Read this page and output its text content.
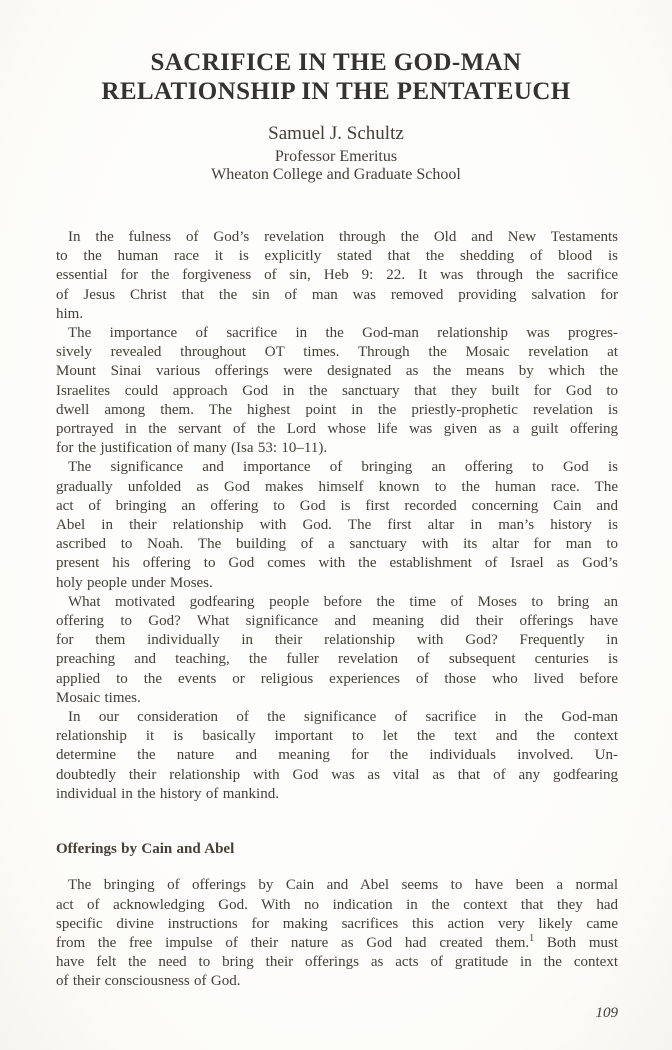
SACRIFICE IN THE GOD-MAN
RELATIONSHIP IN THE PENTATEUCH
Samuel J. Schultz
Professor Emeritus
Wheaton College and Graduate School
In the fulness of God’s revelation through the Old and New Testaments
to the human race it is explicitly stated that the shedding of blood is
essential for the forgiveness of sin, Heb 9: 22. It was through the sacrifice
of Jesus Christ that the sin of man was removed providing salvation for
him.
The importance of sacrifice in the God-man relationship was progres-
sively revealed throughout OT times. Through the Mosaic revelation at
Mount Sinai various offerings were designated as the means by which the
Israelites could approach God in the sanctuary that they built for God to
dwell among them. The highest point in the priestly-prophetic revelation is
portrayed in the servant of the Lord whose life was given as a guilt offering
for the justification of many (Isa 53: 10–11).
The significance and importance of bringing an offering to God is
gradually unfolded as God makes himself known to the human race. The
act of bringing an offering to God is first recorded concerning Cain and
Abel in their relationship with God. The first altar in man’s history is
ascribed to Noah. The building of a sanctuary with its altar for man to
present his offering to God comes with the establishment of Israel as God’s
holy people under Moses.
What motivated godfearing people before the time of Moses to bring an
offering to God? What significance and meaning did their offerings have
for them individually in their relationship with God? Frequently in
preaching and teaching, the fuller revelation of subsequent centuries is
applied to the events or religious experiences of those who lived before
Mosaic times.
In our consideration of the significance of sacrifice in the God-man
relationship it is basically important to let the text and the context
determine the nature and meaning for the individuals involved. Un-
doubtedly their relationship with God was as vital as that of any godfearing
individual in the history of mankind.
Offerings by Cain and Abel
The bringing of offerings by Cain and Abel seems to have been a normal
act of acknowledging God. With no indication in the context that they had
specific divine instructions for making sacrifices this action very likely came
from the free impulse of their nature as God had created them.$^1$ Both must
have felt the need to bring their offerings as acts of gratitude in the context
of their consciousness of God.
109
